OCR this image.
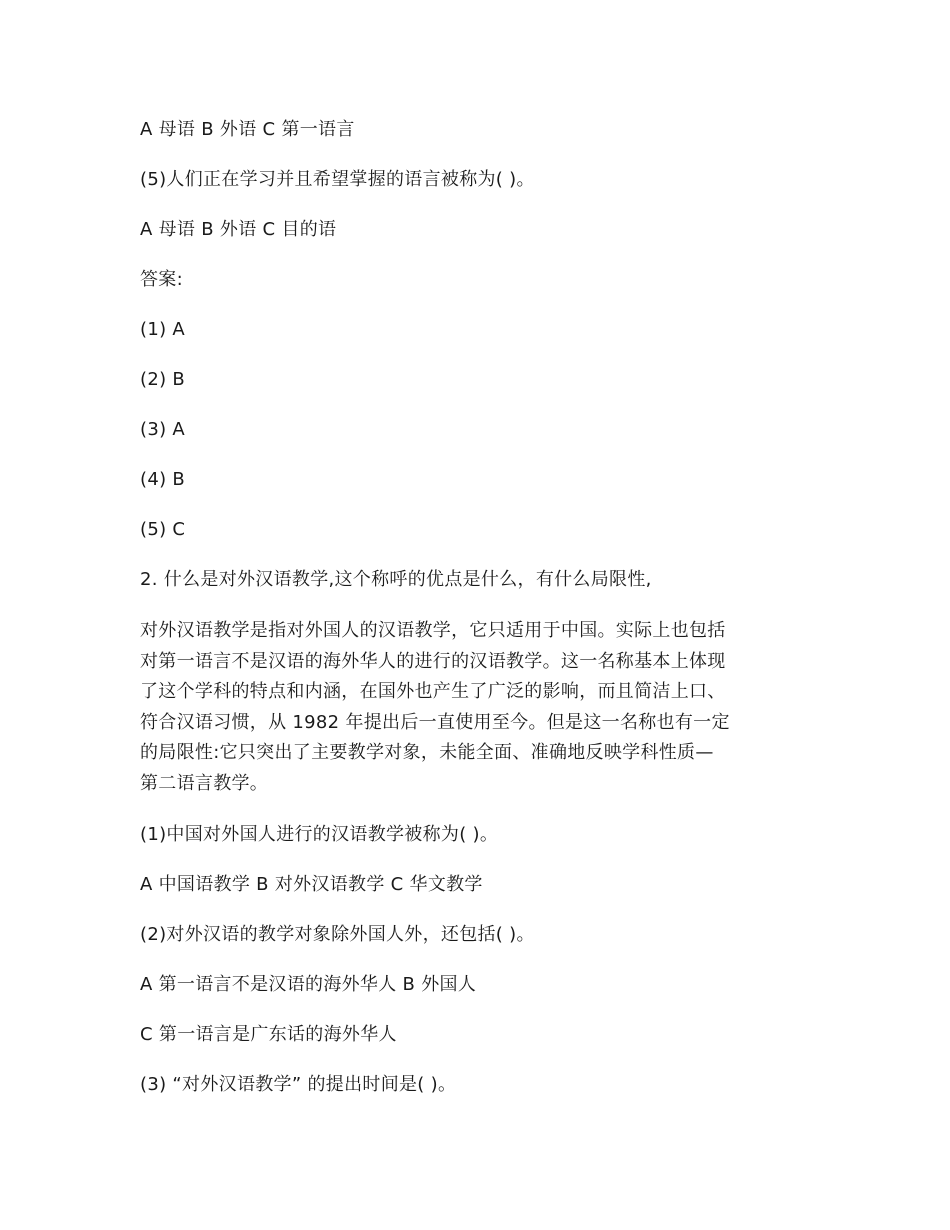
A 母语 B 外语 C 第一语言
(5)人们正在学习并且希望掌握的语言被称为( )。
A 母语 B 外语 C 目的语
答案:
(1) A
(2) B
(3) A
(4) B
(5) C
2. 什么是对外汉语教学,这个称呼的优点是什么，有什么局限性,
对外汉语教学是指对外国人的汉语教学，它只适用于中国。实际上也包括
对第一语言不是汉语的海外华人的进行的汉语教学。这一名称基本上体现
了这个学科的特点和内涵，在国外也产生了广泛的影响，而且简洁上口、
符合汉语习惯，从 1982 年提出后一直使用至今。但是这一名称也有一定
的局限性:它只突出了主要教学对象，未能全面、准确地反映学科性质—
第二语言教学。
(1)中国对外国人进行的汉语教学被称为( )。
A 中国语教学 B 对外汉语教学 C 华文教学
(2)对外汉语的教学对象除外国人外，还包括( )。
A 第一语言不是汉语的海外华人 B 外国人
C 第一语言是广东话的海外华人
(3) “对外汉语教学” 的提出时间是( )。
